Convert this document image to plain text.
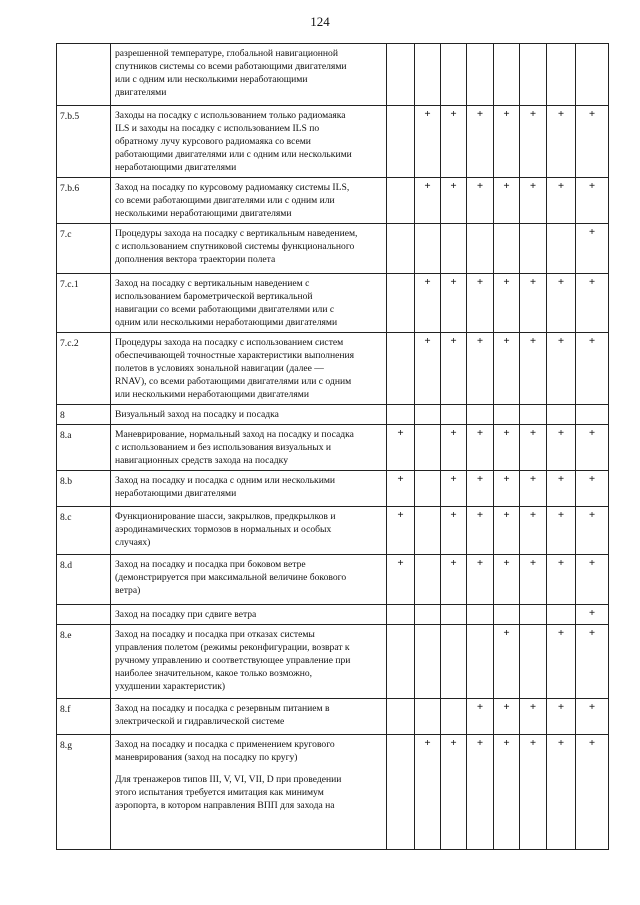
124

	разрешенной температуре, глобальной навигационной
спутников системы со всеми работающими двигателями
или с одним или несколькими неработающими
двигателями								

7.b.5	Заходы на посадку с использованием только радиомаяка
ILS и заходы на посадку с использованием ILS по
обратному лучу курсового радиомаяка со всеми
работающими двигателями или с одним или несколькими
неработающими двигателями		+	+	+	+	+	+	+
7.b.6	Заход на посадку по курсовому радиомаяку системы ILS,
со всеми работающими двигателями или с одним или
несколькими неработающими двигателями		+	+	+	+	+	+	+
7.c	Процедуры захода на посадку с вертикальным наведением,
с использованием спутниковой системы функционального
дополнения вектора траектории полета								+
7.c.1	Заход на посадку с вертикальным наведением с
использованием барометрической вертикальной
навигации со всеми работающими двигателями или с
одним или несколькими неработающими двигателями		+	+	+	+	+	+	+
7.c.2	Процедуры захода на посадку с использованием систем
обеспечивающей точностные характеристики выполнения
полетов в условиях зональной навигации (далее —
RNAV), со всеми работающими двигателями или с одним
или несколькими неработающими двигателями		+	+	+	+	+	+	+
8	Визуальный заход на посадку и посадка								

8.a	Маневрирование, нормальный заход на посадку и посадка
с использованием и без использования визуальных и
навигационных средств захода на посадку	+		+	+	+	+	+	+
8.b	Заход на посадку и посадка с одним или несколькими
неработающими двигателями	+		+	+	+	+	+	+
8.c	Функционирование шасси, закрылков, предкрылков и
аэродинамических тормозов в нормальных и особых
случаях)	+		+	+	+	+	+	+
8.d	Заход на посадку и посадка при боковом ветре
(демонстрируется при максимальной величине бокового
ветра)	+		+	+	+	+	+	+

	Заход на посадку при сдвиге ветра								+
8.e	Заход на посадку и посадка при отказах системы
управления полетом (режимы реконфигурации, возврат к
ручному управлению и соответствующее управление при
наиболее значительном, какое только возможно,
ухудшении характеристик)					+		+	+
8.f	Заход на посадку и посадка с резервным питанием в
электрической и гидравлической системе				+	+	+	+	+
8.g	Заход на посадку и посадка с применением кругового
маневрирования (заход на посадку по кругу)
Для тренажеров типов III, V, VI, VII, D при проведении
этого испытания требуется имитация как минимум
аэропорта, в котором направления ВПП для захода на		+	+	+	+	+	+	+
